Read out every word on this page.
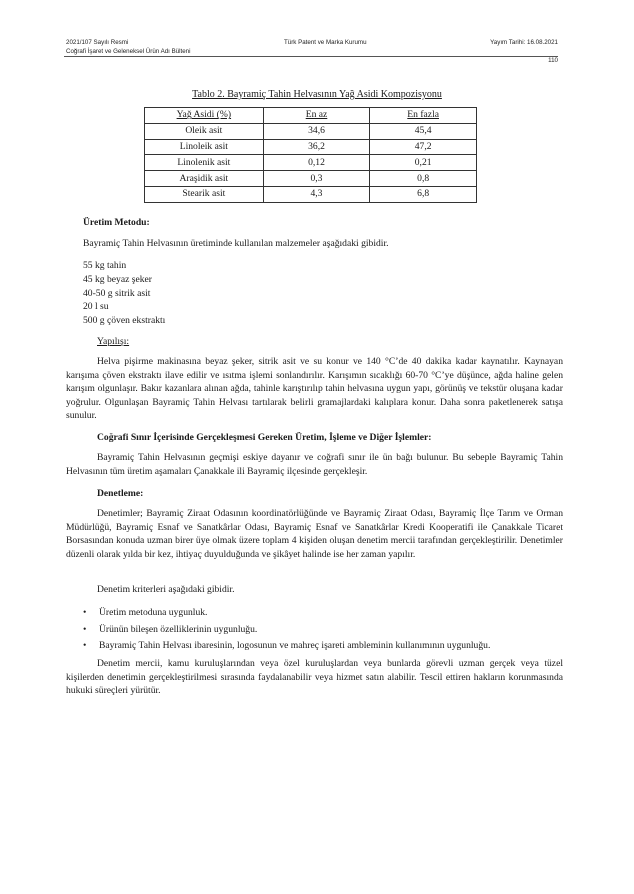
2021/107 Sayılı Resmi
Coğrafi İşaret ve Geleneksel Ürün Adı Bülteni
Türk Patent ve Marka Kurumu	Yayım Tarihi: 16.08.2021
110
Tablo 2. Bayramiç Tahin Helvasının Yağ Asidi Kompozisyonu
Yağ Asidi (%)	En az	En fazla
Oleik asit	34,6	45,4
Linoleik asit	36,2	47,2
Linolenik asit	0,12	0,21
Araşidik asit	0,3	0,8
Stearik asit	4,3	6,8
Üretim Metodu:
Bayramiç Tahin Helvasının üretiminde kullanılan malzemeler aşağıdaki gibidir.
55 kg tahin
45 kg beyaz şeker
40-50 g sitrik asit
20 l su
500 g çöven ekstraktı
Yapılışı:
Helva pişirme makinasına beyaz şeker, sitrik asit ve su konur ve 140 °C’de 40 dakika kadar kaynatılır. Kaynayan karışıma çöven ekstraktı ilave edilir ve ısıtma işlemi sonlandırılır. Karışımın sıcaklığı 60-70 °C’ye düşünce, ağda haline gelen karışım olgunlaşır. Bakır kazanlara alınan ağda, tahinle karıştırılıp tahin helvasına uygun yapı, görünüş ve tekstür oluşana kadar yoğrulur. Olgunlaşan Bayramiç Tahin Helvası tartılarak belirli gramajlardaki kalıplara konur. Daha sonra paketlenerek satışa sunulur.
Coğrafi Sınır İçerisinde Gerçekleşmesi Gereken Üretim, İşleme ve Diğer İşlemler:
Bayramiç Tahin Helvasının geçmişi eskiye dayanır ve coğrafi sınır ile ün bağı bulunur. Bu sebeple Bayramiç Tahin Helvasının tüm üretim aşamaları Çanakkale ili Bayramiç ilçesinde gerçekleşir.
Denetleme:
Denetimler; Bayramiç Ziraat Odasının koordinatörlüğünde ve Bayramiç Ziraat Odası, Bayramiç İlçe Tarım ve Orman Müdürlüğü, Bayramiç Esnaf ve Sanatkârlar Odası, Bayramiç Esnaf ve Sanatkârlar Kredi Kooperatifi ile Çanakkale Ticaret Borsasından konuda uzman birer üye olmak üzere toplam 4 kişiden oluşan denetim mercii tarafından gerçekleştirilir. Denetimler düzenli olarak yılda bir kez, ihtiyaç duyulduğunda ve şikâyet halinde ise her zaman yapılır.
Denetim kriterleri aşağıdaki gibidir.
• Üretim metoduna uygunluk.
• Ürünün bileşen özelliklerinin uygunluğu.
• Bayramiç Tahin Helvası ibaresinin, logosunun ve mahreç işareti ambleminin kullanımının uygunluğu.
Denetim mercii, kamu kuruluşlarından veya özel kuruluşlardan veya bunlarda görevli uzman gerçek veya tüzel kişilerden denetimin gerçekleştirilmesi sırasında faydalanabilir veya hizmet satın alabilir. Tescil ettiren hakların korunmasında hukuki süreçleri yürütür.
